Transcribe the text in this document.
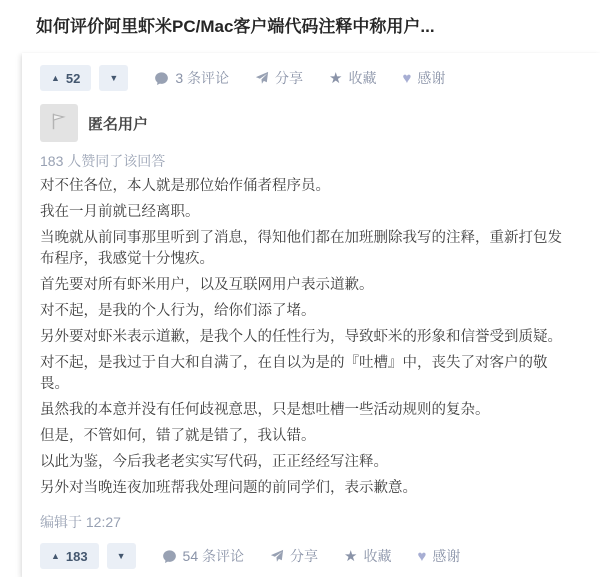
如何评价阿里虾米PC/Mac客户端代码注释中称用户...
▲ 52	▼	3 条评论	分享 ★ 收藏 ♥ 感谢
匿名用户
183 人赞同了该回答

对不住各位，本人就是那位始作俑者程序员。

我在一月前就已经离职。

当晚就从前同事那里听到了消息，得知他们都在加班删除我写的注释，重新打包发布程序，我感觉十分愧疚。

首先要对所有虾米用户，以及互联网用户表示道歉。

对不起，是我的个人行为，给你们添了堵。

另外要对虾米表示道歉，是我个人的任性行为，导致虾米的形象和信誉受到质疑。

对不起，是我过于自大和自满了，在自以为是的『吐槽』中，丧失了对客户的敬畏。

虽然我的本意并没有任何歧视意思，只是想吐槽一些活动规则的复杂。

但是，不管如何，错了就是错了，我认错。

以此为鉴，今后我老老实实写代码，正正经经写注释。

另外对当晚连夜加班帮我处理问题的前同学们，表示歉意。

编辑于 12:27
▲ 183	▼	54 条评论	分享 ★ 收藏 ♥ 感谢
